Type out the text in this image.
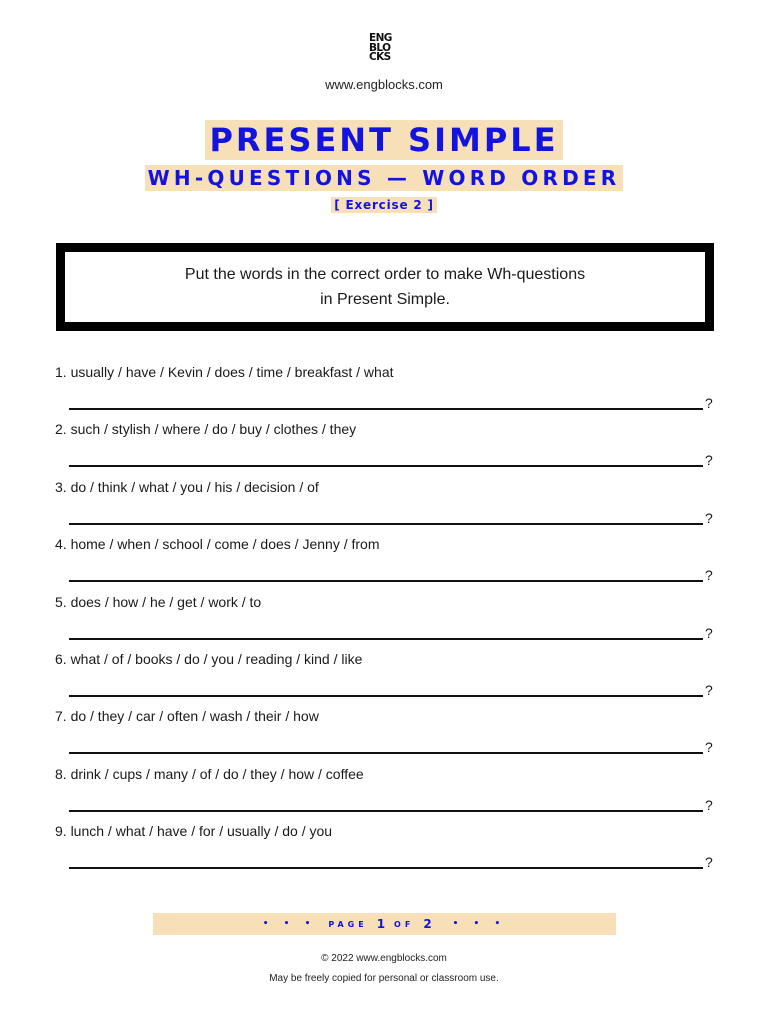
ENG
BLO
CKS
www.engblocks.com
PRESENT SIMPLE
WH-QUESTIONS — WORD ORDER
[ Exercise 2 ]

Put the words in the correct order to make Wh-questions
in Present Simple.

1. usually / have / Kevin / does / time / breakfast / what
?
2. such / stylish / where / do / buy / clothes / they
?
3. do / think / what / you / his / decision / of
?
4. home / when / school / come / does / Jenny / from
?
5. does / how / he / get / work / to
?
6. what / of / books / do / you / reading / kind / like
?
7. do / they / car / often / wash / their / how
?
8. drink / cups / many / of / do / they / how / coffee
?
9. lunch / what / have / for / usually / do / you
?
• • • PAGE 1 OF 2 • • •
© 2022 www.engblocks.com
May be freely copied for personal or classroom use.
